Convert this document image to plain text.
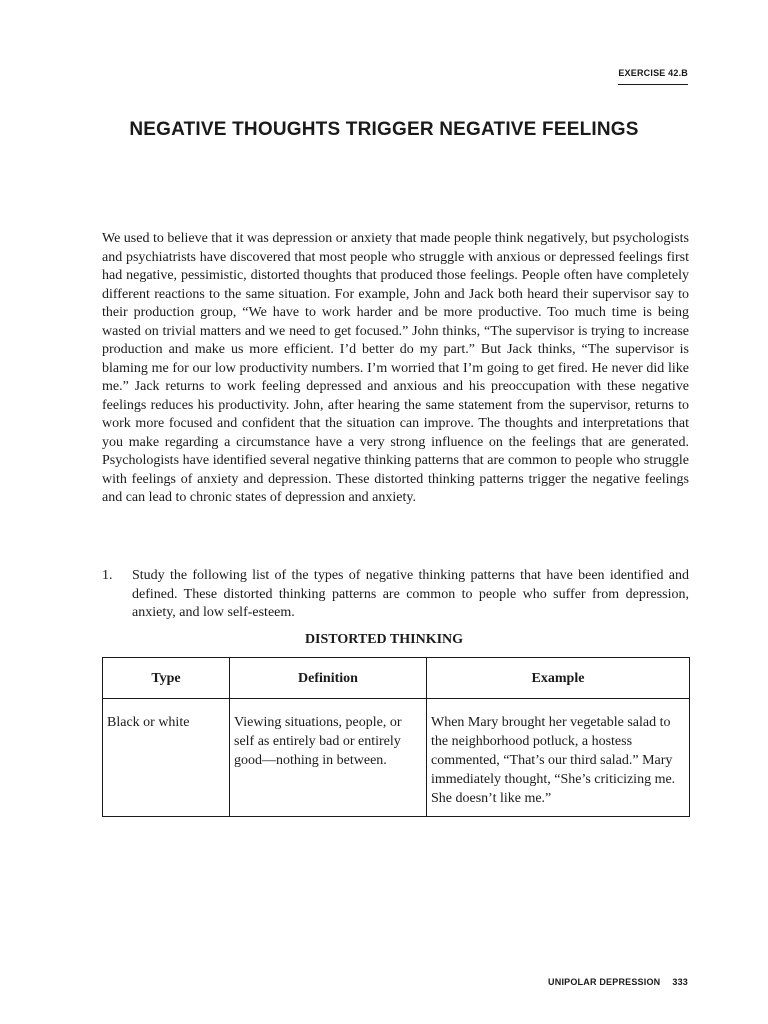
EXERCISE 42.B
NEGATIVE THOUGHTS TRIGGER NEGATIVE FEELINGS

We used to believe that it was depression or anxiety that made people think negatively, but psychologists and psychiatrists have discovered that most people who struggle with anxious or depressed feelings first had negative, pessimistic, distorted thoughts that produced those feelings. People often have completely different reactions to the same situation. For example, John and Jack both heard their supervisor say to their production group, “We have to work harder and be more productive. Too much time is being wasted on trivial matters and we need to get focused.” John thinks, “The supervisor is trying to increase production and make us more efficient. I’d better do my part.” But Jack thinks, “The supervisor is blaming me for our low productivity numbers. I’m worried that I’m going to get fired. He never did like me.” Jack returns to work feeling depressed and anxious and his preoccupation with these negative feelings reduces his productivity. John, after hearing the same statement from the supervisor, returns to work more focused and confident that the situation can improve. The thoughts and interpretations that you make regarding a circumstance have a very strong influence on the feelings that are generated. Psychologists have identified several negative thinking patterns that are common to people who struggle with feelings of anxiety and depression. These distorted thinking patterns trigger the negative feelings and can lead to chronic states of depression and anxiety.

1. Study the following list of the types of negative thinking patterns that have been identified and defined. These distorted thinking patterns are common to people who suffer from depression, anxiety, and low self-esteem.

DISTORTED THINKING
Type	Definition	Example
Black or white	Viewing situations, people, or self as entirely bad or entirely good—nothing in between.	When Mary brought her vegetable salad to the neighborhood potluck, a hostess commented, “That’s our third salad.” Mary immediately thought, “She’s criticizing me. She doesn’t like me.”
UNIPOLAR DEPRESSION 333
